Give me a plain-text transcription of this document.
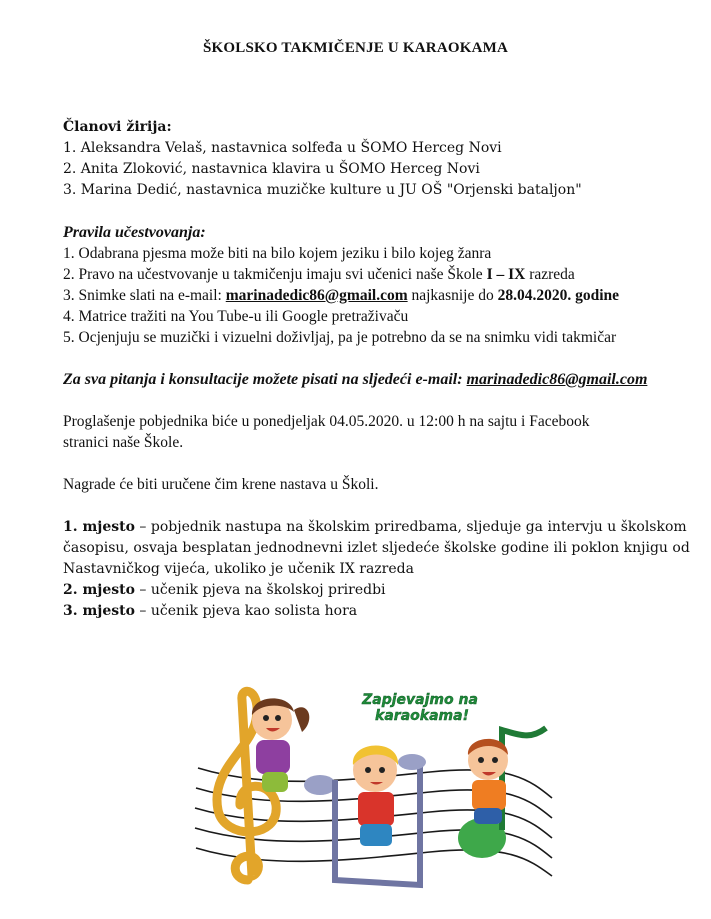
ŠKOLSKO TAKMIČENJE U KARAOKAMA
Članovi žirija:
1. Aleksandra Velaš, nastavnica solfeđa u ŠOMO Herceg Novi
2. Anita Zloković, nastavnica klavira u ŠOMO Herceg Novi
3. Marina Dedić, nastavnica muzičke kulture u JU OŠ "Orjenski bataljon"
Pravila učestvovanja:
1. Odabrana pjesma može biti na bilo kojem jeziku i bilo kojeg žanra
2. Pravo na učestvovanje u takmičenju imaju svi učenici naše Škole I – IX razreda
3. Snimke slati na e-mail: marinadedic86@gmail.com najkasnije do 28.04.2020. godine
4. Matrice tražiti na You Tube-u ili Google pretraživaču
5. Ocjenjuju se muzički i vizuelni doživljaj, pa je potrebno da se na snimku vidi takmičar
Za sva pitanja i konsultacije možete pisati na sljedeći e-mail: marinadedic86@gmail.com
Proglašenje pobjednika biće u ponedjeljak 04.05.2020. u 12:00 h na sajtu i Facebook
stranici naše Škole.
Nagrade će biti uručene čim krene nastava u Školi.
1. mjesto – pobjednik nastupa na školskim priredbama, sljeduje ga intervju u školskom
časopisu, osvaja besplatan jednodnevni izlet sljedeće školske godine ili poklon knjigu od
Nastavničkog vijeća, ukoliko je učenik IX razreda
2. mjesto – učenik pjeva na školskoj priredbi
3. mjesto – učenik pjeva kao solista hora
Zapjevajmo na
karaokama!
